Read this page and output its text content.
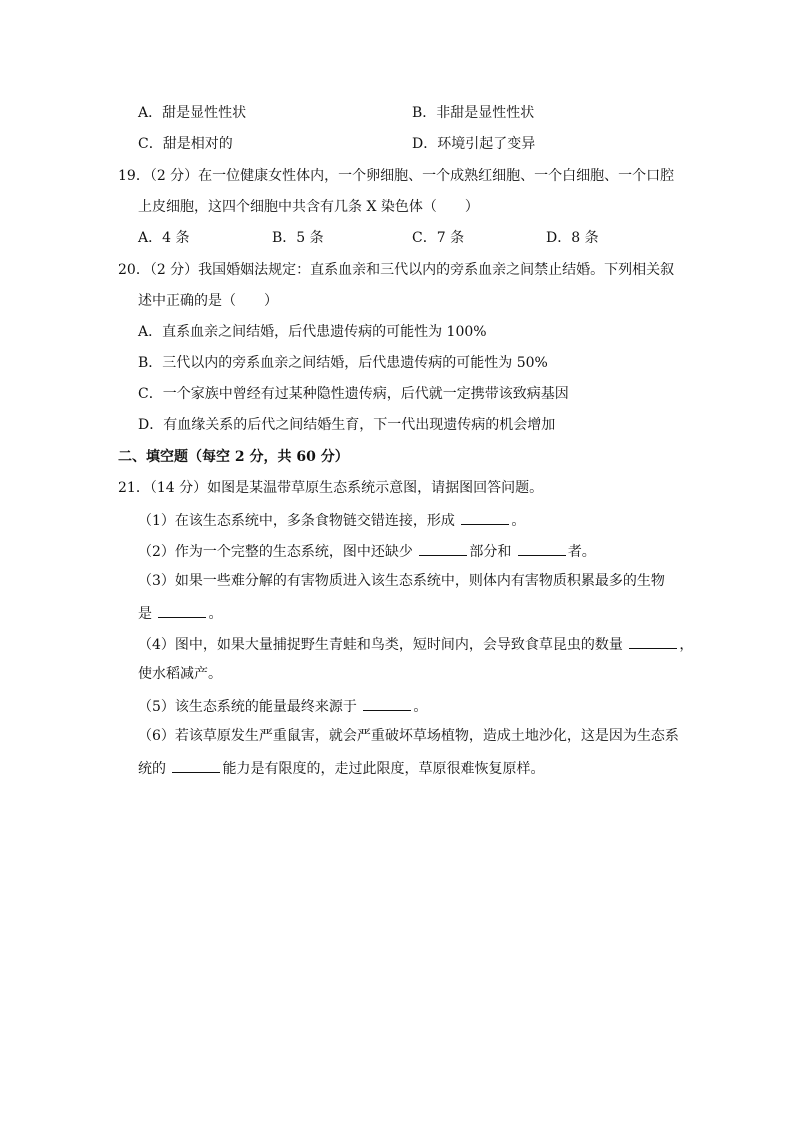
A．甜是显性性状	B．非甜是显性性状
C．甜是相对的	D．环境引起了变异
19．（2 分）在一位健康女性体内，一个卵细胞、一个成熟红细胞、一个白细胞、一个口腔
上皮细胞，这四个细胞中共含有几条 X 染色体（　　）
A．4 条	B．5 条	C．7 条	D．8 条
20．（2 分）我国婚姻法规定：直系血亲和三代以内的旁系血亲之间禁止结婚。下列相关叙
述中正确的是（　　）
A．直系血亲之间结婚，后代患遗传病的可能性为 100%
B．三代以内的旁系血亲之间结婚，后代患遗传病的可能性为 50%
C．一个家族中曾经有过某种隐性遗传病，后代就一定携带该致病基因
D．有血缘关系的后代之间结婚生育，下一代出现遗传病的机会增加
二、填空题（每空 2 分，共 60 分）
21．（14 分）如图是某温带草原生态系统示意图，请据图回答问题。
（1）在该生态系统中，多条食物链交错连接，形成	。
（2）作为一个完整的生态系统，图中还缺少	部分和	者。
（3）如果一些难分解的有害物质进入该生态系统中，则体内有害物质积累最多的生物
是	。
（4）图中，如果大量捕捉野生青蛙和鸟类，短时间内，会导致食草昆虫的数量	，
使水稻减产。
（5）该生态系统的能量最终来源于	。
（6）若该草原发生严重鼠害，就会严重破坏草场植物，造成土地沙化，这是因为生态系
统的	能力是有限度的，走过此限度，草原很难恢复原样。
